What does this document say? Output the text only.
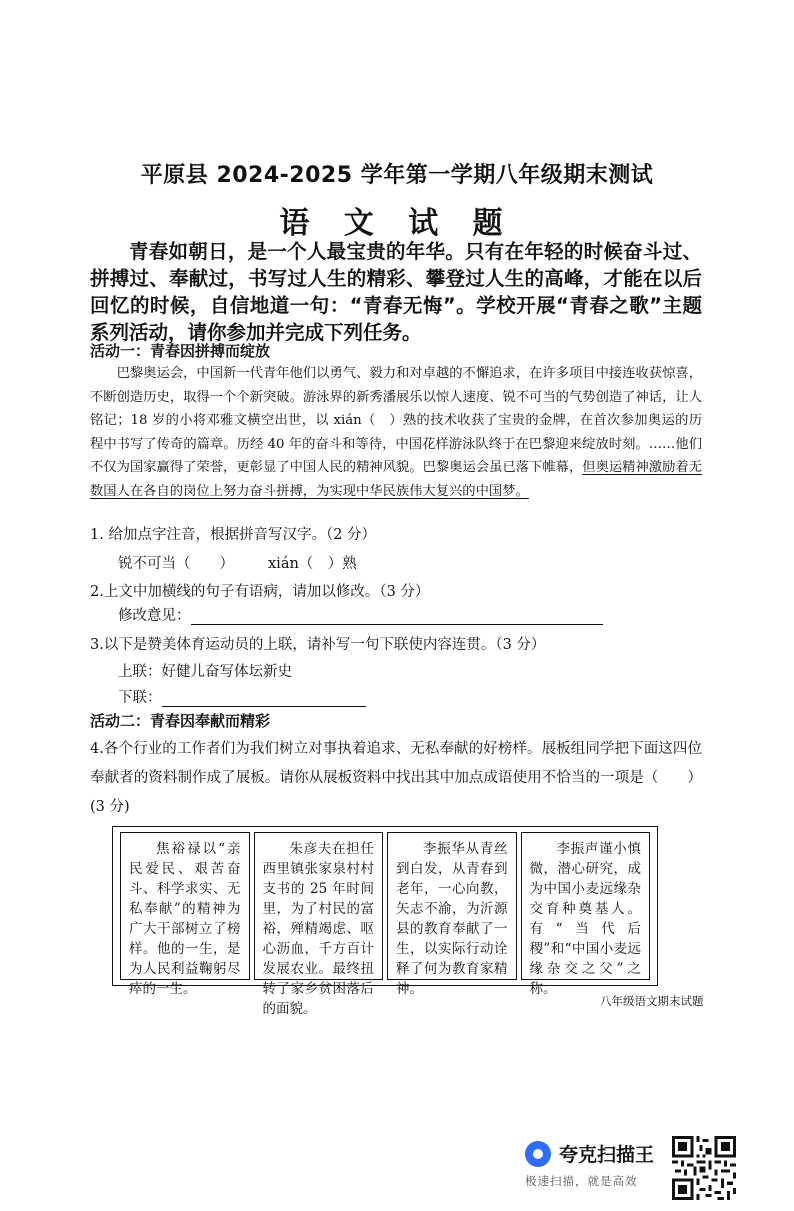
平原县 2024-2025 学年第一学期八年级期末测试
语 文 试 题
青春如朝日，是一个人最宝贵的年华。只有在年轻的时候奋斗过、拼搏过、奉献过，书写过人生的精彩、攀登过人生的高峰，才能在以后回忆的时候，自信地道一句：“青春无悔”。学校开展“青春之歌”主题系列活动，请你参加并完成下列任务。
活动一：青春因拼搏而绽放
巴黎奥运会，中国新一代青年他们以勇气、毅力和对卓越的不懈追求，在许多项目中接连收获惊喜，不断创造历史，取得一个个新突破。游泳界的新秀潘展乐以惊人速度、锐不可当的气势创造了神话，让人铭记；18 岁的小将邓雅文横空出世，以 xián（　）熟的技术收获了宝贵的金牌，在首次参加奥运的历程中书写了传奇的篇章。历经 40 年的奋斗和等待，中国花样游泳队终于在巴黎迎来绽放时刻。……他们不仅为国家赢得了荣誉，更彰显了中国人民的精神风貌。巴黎奥运会虽已落下帷幕，但奥运精神激励着无数国人在各自的岗位上努力奋斗拼搏，为实现中华民族伟大复兴的中国梦。
1. 给加点字注音，根据拼音写汉字。（2 分）
锐不可当（　　） xián（　）熟
2.上文中加横线的句子有语病，请加以修改。（3 分）
修改意见：
3.以下是赞美体育运动员的上联，请补写一句下联使内容连贯。（3 分）
上联：好健儿奋写体坛新史
下联：
活动二：青春因奉献而精彩
4.各个行业的工作者们为我们树立对事执着追求、无私奉献的好榜样。展板组同学把下面这四位奉献者的资料制作成了展板。请你从展板资料中找出其中加点成语使用不恰当的一项是（　　）(3 分)
焦裕禄以“亲民爱民、艰苦奋斗、科学求实、无私奉献”的精神为广大干部树立了榜样。他的一生，是为人民利益鞠躬尽瘁的一生。
朱彦夫在担任西里镇张家泉村村支书的 25 年时间里，为了村民的富裕，殚精竭虑、呕心沥血，千方百计发展农业。最终扭转了家乡贫困落后的面貌。
李振华从青丝到白发，从青春到老年，一心向教，矢志不渝，为沂源县的教育奉献了一生，以实际行动诠释了何为教育家精神。
李振声谨小慎微，潜心研究，成为中国小麦远缘杂交育种奠基人。有“当代后稷”和“中国小麦远缘杂交之父”之称。
八年级语文期末试题
夸克扫描王
极速扫描，就是高效
